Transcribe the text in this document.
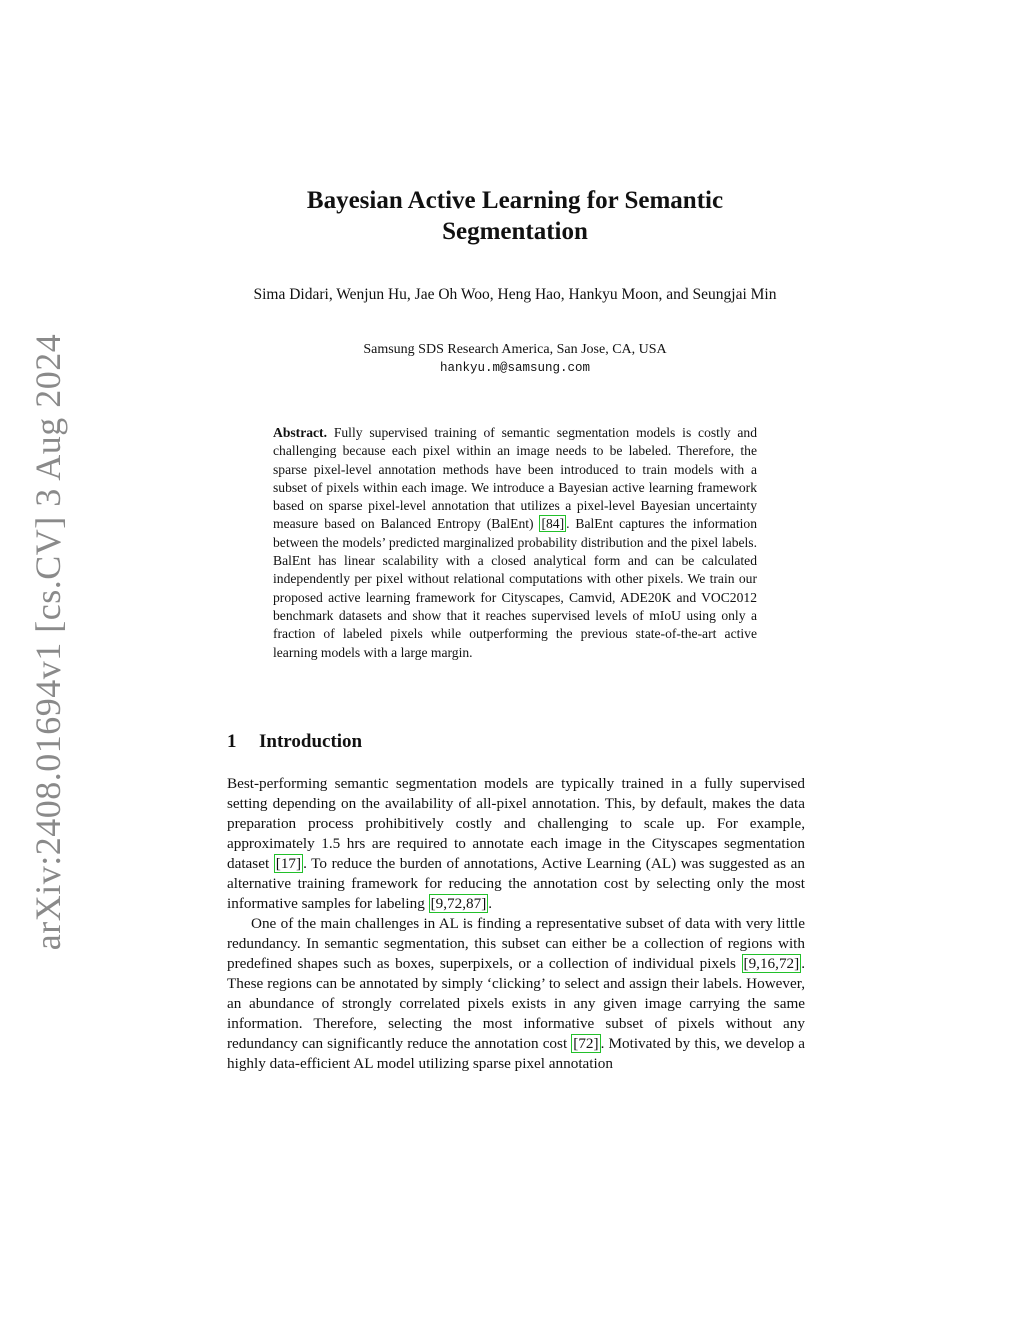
arXiv:2408.01694v1 [cs.CV] 3 Aug 2024
Bayesian Active Learning for Semantic Segmentation
Sima Didari, Wenjun Hu, Jae Oh Woo, Heng Hao, Hankyu Moon, and Seungjai Min
Samsung SDS Research America, San Jose, CA, USA
hankyu.m@samsung.com

Abstract. Fully supervised training of semantic segmentation models is costly and challenging because each pixel within an image needs to be labeled. Therefore, the sparse pixel-level annotation methods have been introduced to train models with a subset of pixels within each image. We introduce a Bayesian active learning framework based on sparse pixel-level annotation that utilizes a pixel-level Bayesian uncertainty measure based on Balanced Entropy (BalEnt) [84] . BalEnt captures the information between the models’ predicted marginalized probability distribution and the pixel labels. BalEnt has linear scalability with a closed analytical form and can be calculated independently per pixel without relational computations with other pixels. We train our proposed active learning framework for Cityscapes, Camvid, ADE20K and VOC2012 benchmark datasets and show that it reaches supervised levels of mIoU using only a fraction of labeled pixels while outperforming the previous state-of-the-art active learning models with a large margin.

1 Introduction

Best-performing semantic segmentation models are typically trained in a fully supervised setting depending on the availability of all-pixel annotation. This, by default, makes the data preparation process prohibitively costly and challenging to scale up. For example, approximately 1.5 hrs are required to annotate each image in the Cityscapes segmentation dataset [17] . To reduce the burden of annotations, Active Learning (AL) was suggested as an alternative training framework for reducing the annotation cost by selecting only the most informative samples for labeling [9,72,87] .

One of the main challenges in AL is finding a representative subset of data with very little redundancy. In semantic segmentation, this subset can either be a collection of regions with predefined shapes such as boxes, superpixels, or a collection of individual pixels [9,16,72] . These regions can be annotated by simply ‘clicking’ to select and assign their labels. However, an abundance of strongly correlated pixels exists in any given image carrying the same information. Therefore, selecting the most informative subset of pixels without any redundancy can significantly reduce the annotation cost [72] . Motivated by this, we develop a highly data-efficient AL model utilizing sparse pixel annotation
